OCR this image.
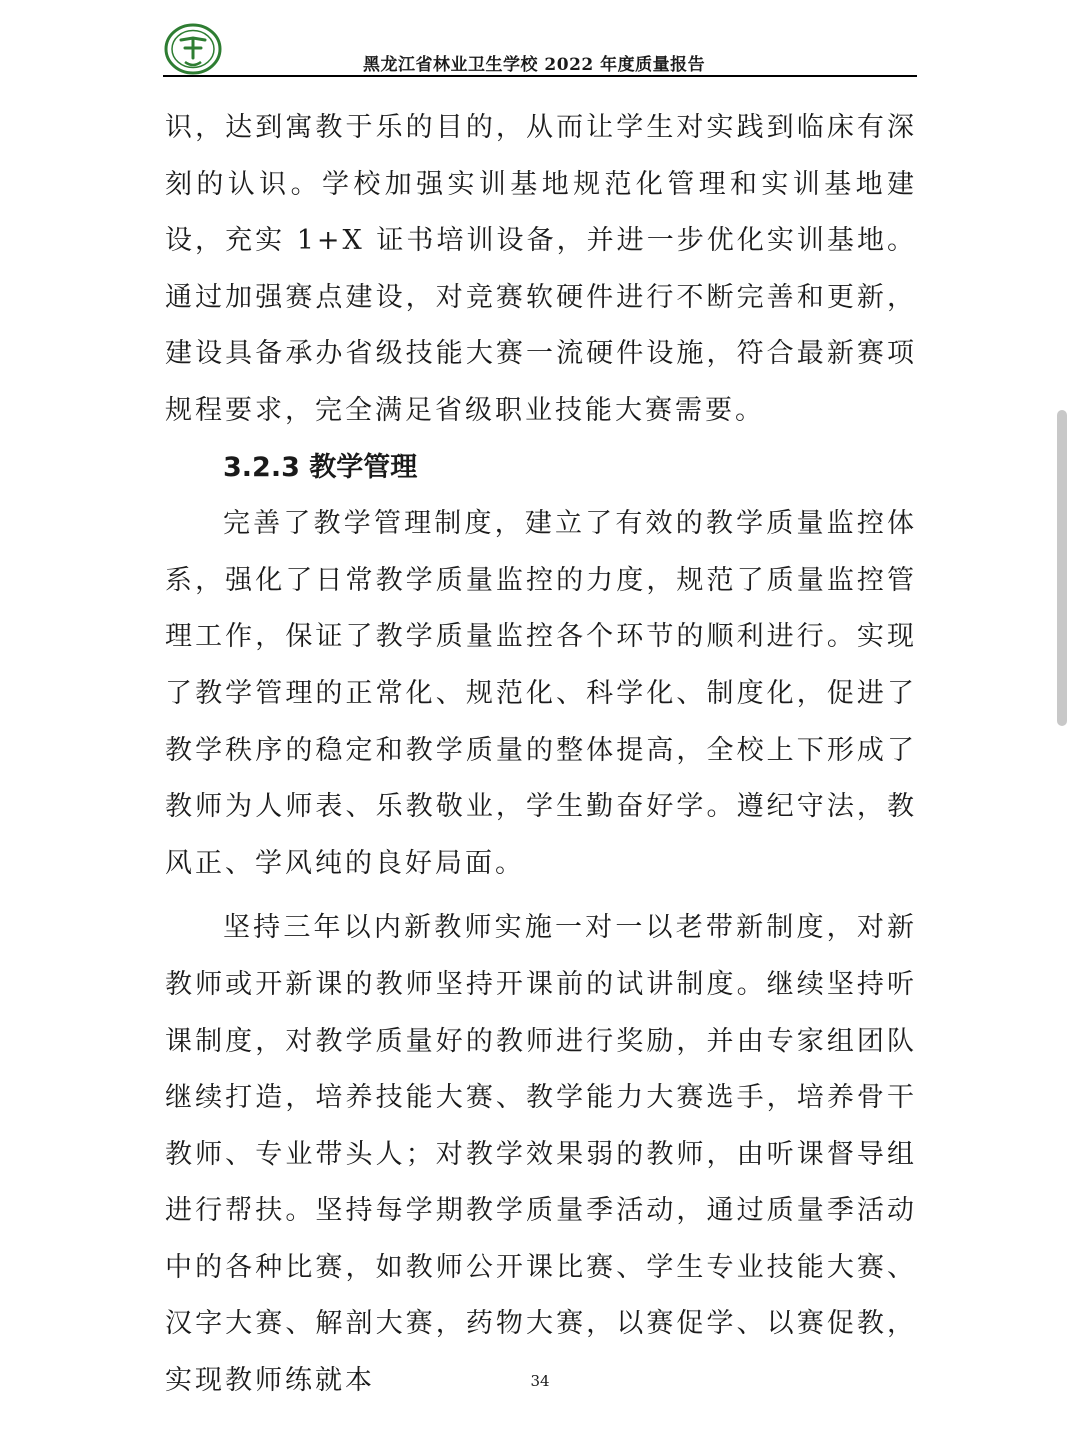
黑龙江省林业卫生学校 2022 年度质量报告

识，达到寓教于乐的目的，从而让学生对实践到临床有深刻的认识。学校加强实训基地规范化管理和实训基地建设，充实 1+X 证书培训设备，并进一步优化实训基地。通过加强赛点建设，对竞赛软硬件进行不断完善和更新，建设具备承办省级技能大赛一流硬件设施，符合最新赛项规程要求，完全满足省级职业技能大赛需要。

3.2.3 教学管理

完善了教学管理制度，建立了有效的教学质量监控体系，强化了日常教学质量监控的力度，规范了质量监控管理工作，保证了教学质量监控各个环节的顺利进行。实现了教学管理的正常化、规范化、科学化、制度化，促进了教学秩序的稳定和教学质量的整体提高，全校上下形成了教师为人师表、乐教敬业，学生勤奋好学。遵纪守法，教风正、学风纯的良好局面。

坚持三年以内新教师实施一对一以老带新制度，对新教师或开新课的教师坚持开课前的试讲制度。继续坚持听课制度，对教学质量好的教师进行奖励，并由专家组团队继续打造，培养技能大赛、教学能力大赛选手，培养骨干教师、专业带头人；对教学效果弱的教师，由听课督导组进行帮扶。坚持每学期教学质量季活动，通过质量季活动中的各种比赛，如教师公开课比赛、学生专业技能大赛、汉字大赛、解剖大赛，药物大赛，以赛促学、以赛促教，实现教师练就本	34
